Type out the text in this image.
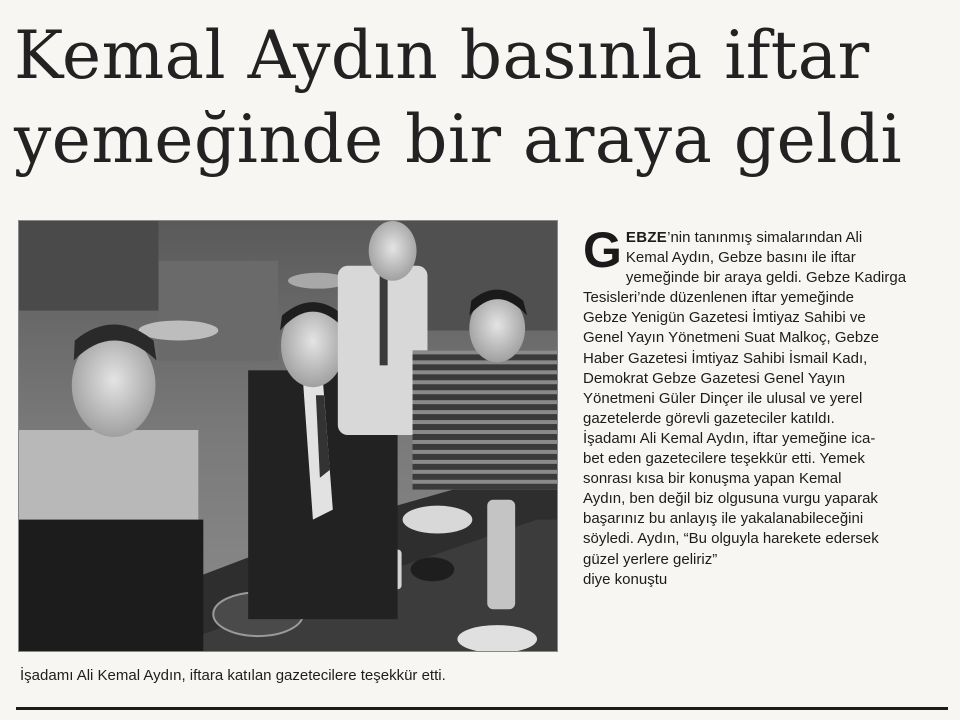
Kemal Aydın basınla iftar
yemeğinde bir araya geldi
İşadamı Ali Kemal Aydın, iftara katılan gazetecilere teşekkür etti.
G EBZE’nin tanınmış simalarından Ali
Kemal Aydın, Gebze basını ile iftar
yemeğinde bir araya geldi. Gebze Kadirga
Tesisleri’nde düzenlenen iftar yemeğinde
Gebze Yenigün Gazetesi İmtiyaz Sahibi ve
Genel Yayın Yönetmeni Suat Malkoç, Gebze
Haber Gazetesi İmtiyaz Sahibi İsmail Kadı,
Demokrat Gebze Gazetesi Genel Yayın
Yönetmeni Güler Dinçer ile ulusal ve yerel
gazetelerde görevli gazeteciler katıldı.
İşadamı Ali Kemal Aydın, iftar yemeğine ica-
bet eden gazetecilere teşekkür etti. Yemek
sonrası kısa bir konuşma yapan Kemal
Aydın, ben değil biz olgusuna vurgu yaparak
başarınız bu anlayış ile yakalanabileceğini
söyledi. Aydın, “Bu olguyla harekete edersek
güzel yerlere geliriz”
diye konuştu
